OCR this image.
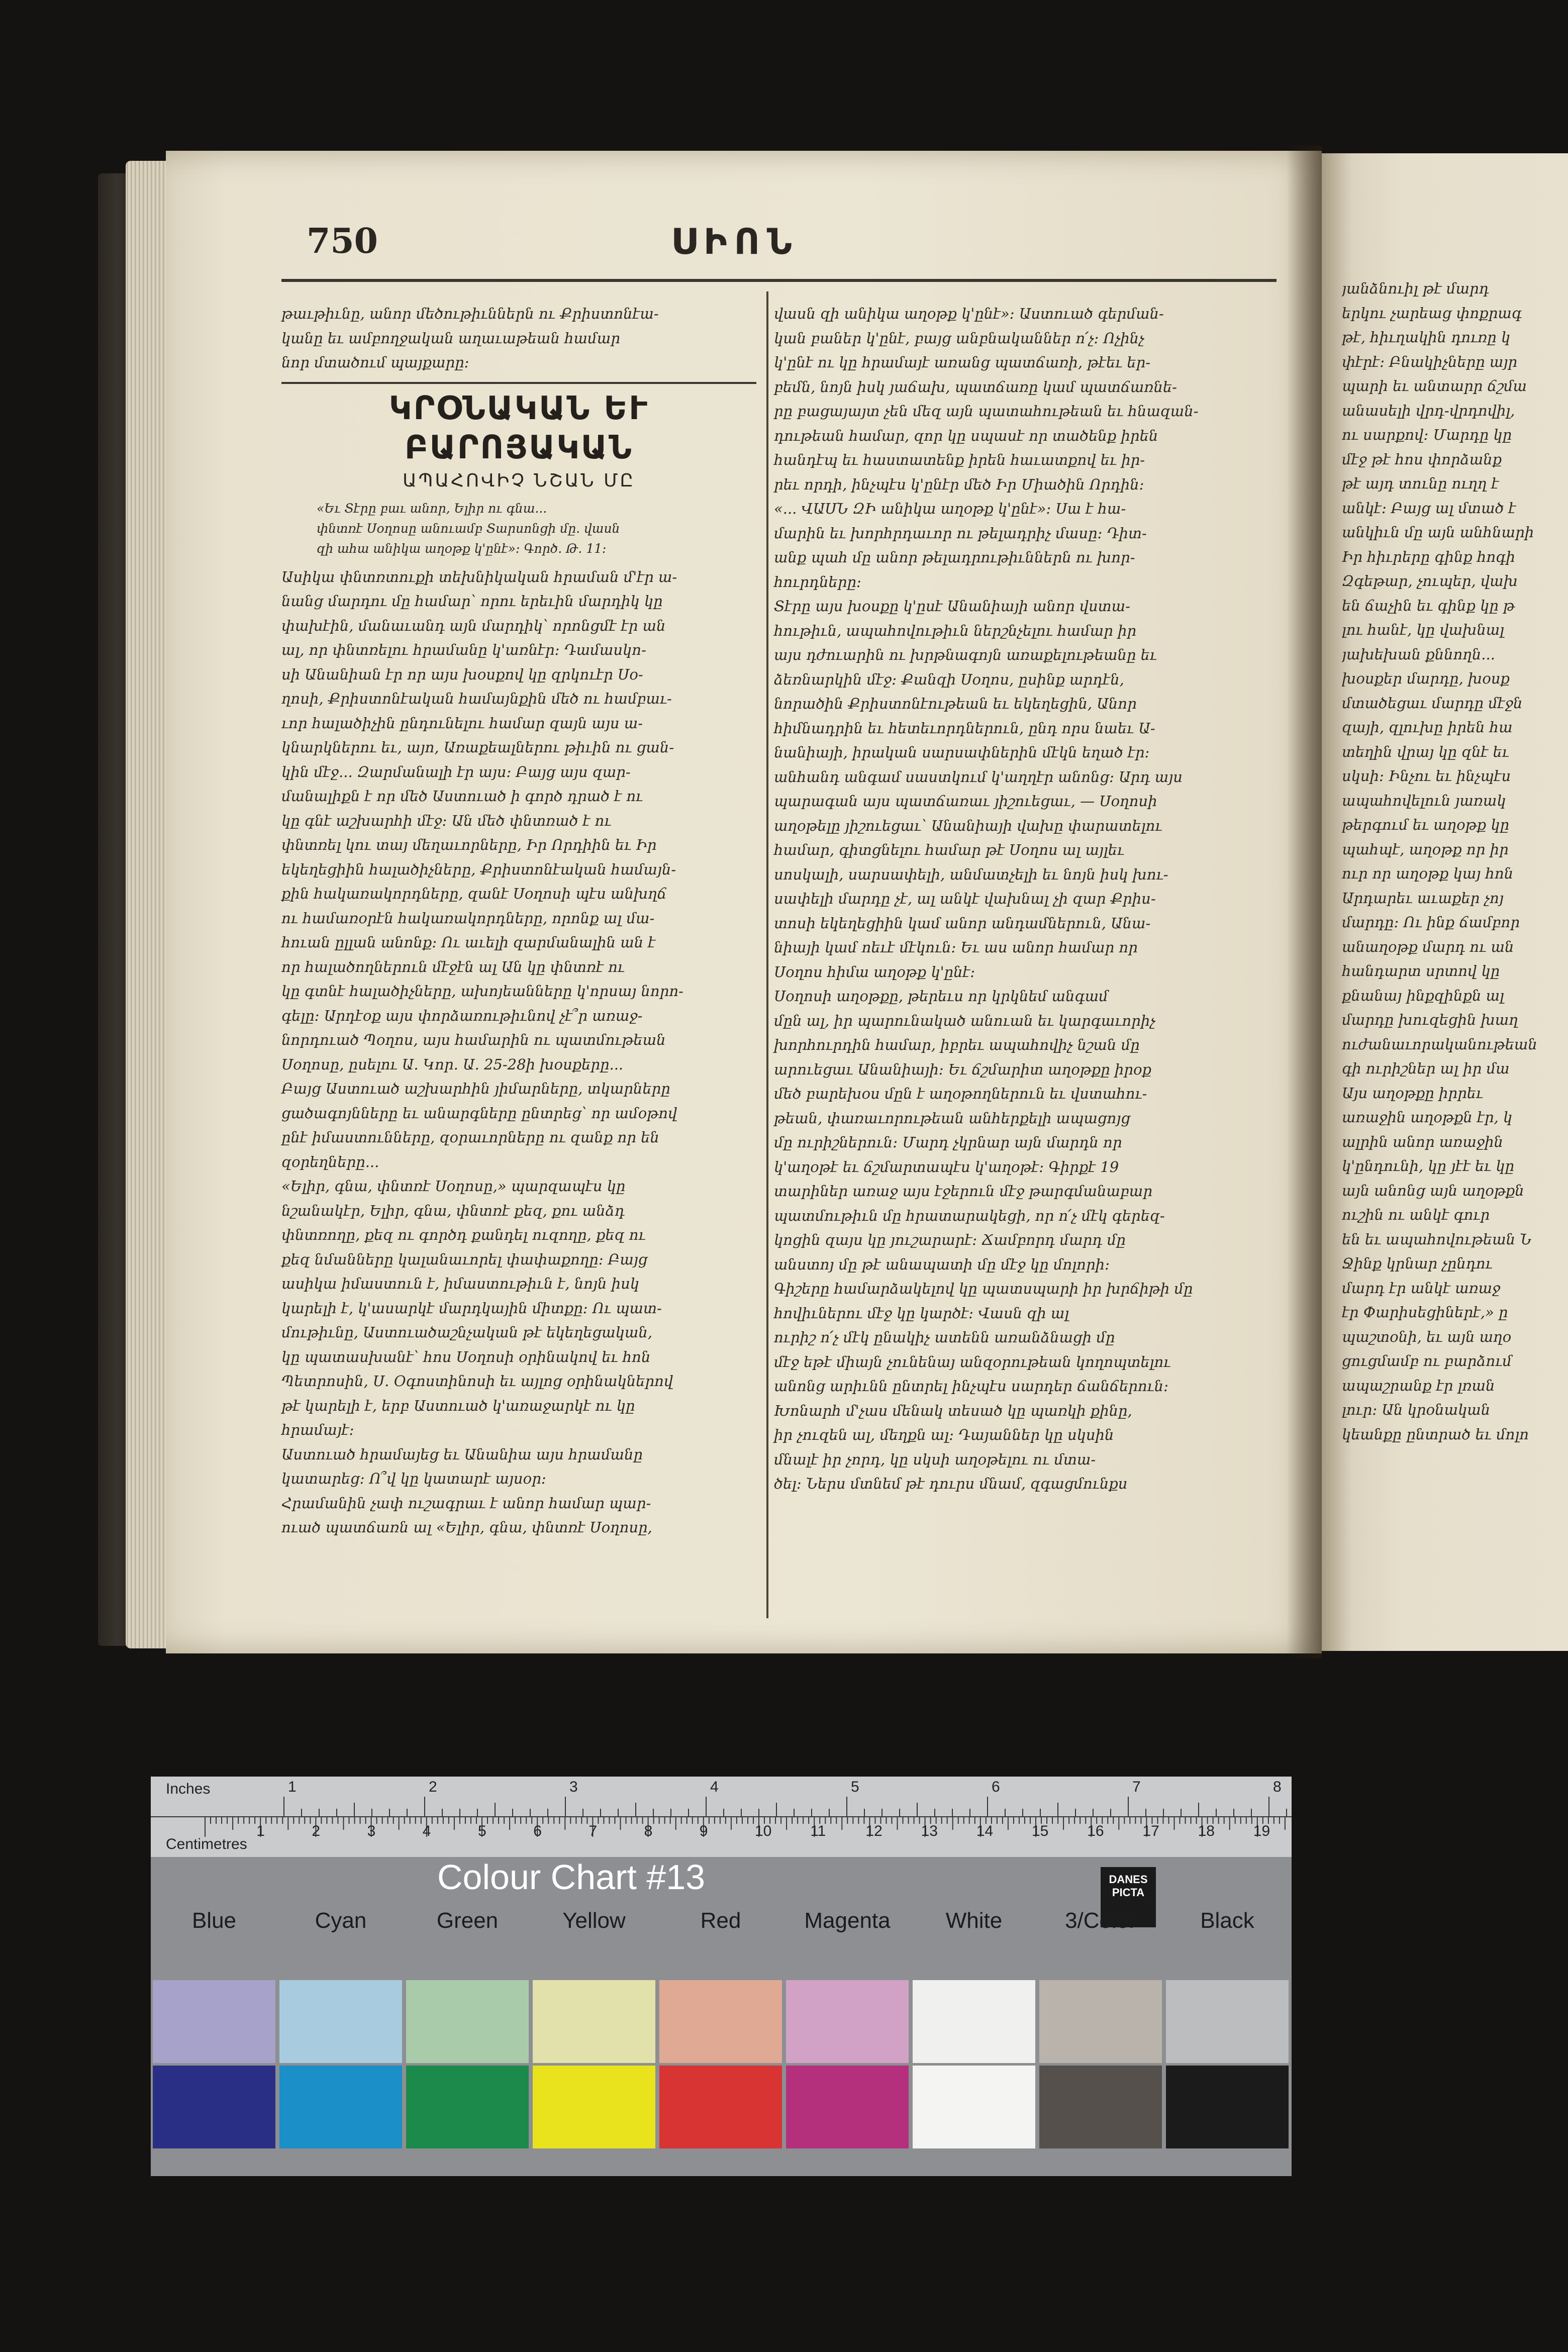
750	ՍԻՈՆ

թաւթիւնը, անոր մեծութիւններն ու Քրիստոնէա-

կանը եւ ամբողջական աղաւաթեան համար

նոր մտածում պայքարը։

ԿՐՕՆԱԿԱՆ ԵՒ ԲԱՐՈՅԱԿԱՆ
ԱՊԱՀՈՎԻՉ ՆՇԱՆ ՄԸ

«Եւ Տէրը բաւ անոր, Ելիր ու գնա...

փնտռէ Սօղոսը անուամբ Տարսոնցի մը. վասն

զի ահա անիկա աղօթք կ'ընէ»։ Գործ. Թ. 11։

Ասիկա փնտռտուքի տեխնիկական հրաման մ'էր ա-

նանց մարդու մը համար՝ որու երեւին մարդիկ կը

փախէին, մանաւանդ այն մարդիկ՝ որոնցմէ էր ան

ալ, որ փնտռելու հրամանը կ'առնէր։ Դամասկո-

սի Անանիան էր որ այս խօսքով կը զրկուէր Սօ-

ղոսի, Քրիստոնէական համայնքին մեծ ու համբաւ-

ւոր հալածիչին ընդունելու համար զայն այս ա-

կնարկներու եւ, այո, Առաքեալներու թիւին ու ցան-

կին մէջ... Զարմանալի էր այս։ Բայց այս զար-

մանալիքն է որ մեծ Աստուած ի գործ դրած է ու

կը գնէ աշխարհի մէջ։ Ան մեծ փնտռած է ու

փնտռել կու տայ մեղաւորները, Իր Որդիին եւ Իր

եկեղեցիին հալածիչները, Քրիստոնէական համայն-

քին հակառակորդները, զանէ Սօղոսի պէս անխղճ

ու համառօրէն հակառակորդները, որոնք ալ մա-

հուան ըլլան անոնք։ Ու աւելի զարմանալին ան է

որ հալածողներուն մէջէն ալ Ան կը փնտռէ ու

կը գտնէ հալածիչները, ախոյեանները կ'որսայ նորո-

գելը։ Արդէօք այս փորձառութիւնով չէ՞ր առաջ-

նորդուած Պօղոս, այս համարին ու պատմութեան

Սօղոսը, ըսելու Ա. Կոր. Ա. 25-28ի խօսքերը...

Բայց Աստուած աշխարհին յիմարները, տկարները

ցածագոյնները եւ անարգները ընտրեց՝ որ ամօթով

ընէ իմաստունները, զօրաւորները ու զանք որ են

զօրեղները...

«Ելիր, գնա, փնտռէ Սօղոսը,» պարզապէս կը

նշանակէր, Ելիր, գնա, փնտռէ քեզ, քու անձդ

փնտռողը, քեզ ու գործդ քանդել ուզողը, քեզ ու

քեզ նմանները կալանաւորել փափաքողը։ Բայց

ասիկա իմաստուն է, իմաստութիւն է, նոյն իսկ

կարելի է, կ'ասարկէ մարդկային միտքը։ Ու պատ-

մութիւնը, Աստուածաշնչական թէ եկեղեցական,

կը պատասխանէ՝ հոս Սօղոսի օրինակով եւ հոն

Պետրոսին, Ս. Օգոստինոսի եւ այլոց օրինակներով

թէ կարելի է, երբ Աստուած կ'առաջարկէ ու կը

հրամայէ։

Աստուած հրամայեց եւ Անանիա այս հրամանը

կատարեց։ Ո՞վ կը կատարէ այսօր։

Հրամանին չափ ուշագրաւ է անոր համար պար-

ուած պատճառն ալ «Ելիր, գնա, փնտռէ Սօղոսը,

վասն զի անիկա աղօթք կ'ընէ»։ Աստուած գերման-

կան բաներ կ'ընէ, բայց անբնականներ ո՛չ։ Ոչինչ

կ'ընէ ու կը հրամայէ առանց պատճառի, թէեւ եր-

բեմն, նոյն իսկ յաճախ, պատճառը կամ պատճառնե-

րը բացայայտ չեն մեզ այն պատահութեան եւ հնազան-

դութեան համար, զոր կը սպասէ որ տածենք իրեն

հանդէպ եւ հաստատենք իրեն հաւատքով եւ իր-

րեւ որդի, ինչպէս կ'ընէր մեծ Իր Միածին Որդին։

«... ՎԱՍՆ ԶԻ անիկա աղօթք կ'ընէ»։ Սա է հա-

մարին եւ խորհրդաւոր ու թելադրիչ մասը։ Դիտ-

անք պահ մը անոր թելադրութիւններն ու խոր-

հուրդները։

Տէրը այս խօսքը կ'ըսէ Անանիայի անոր վստա-

հութիւն, ապահովութիւն ներշնչելու համար իր

այս դժուարին ու խրթնագոյն առաքելութեանը եւ

ձեռնարկին մէջ։ Քանզի Սօղոս, ըսինք արդէն,

նորածին Քրիստոնէութեան եւ եկեղեցին, Անոր

հիմնադրին եւ հետեւորդներուն, ընդ որս նաեւ Ա-

նանիայի, իրական սարսափներին մէկն եղած էր։

անհանդ անգամ սաստկում կ'աղղէր անոնց։ Արդ այս

պարագան այս պատճառաւ յիշուեցաւ, — Սօղոսի

աղօթելը յիշուեցաւ՝ Անանիայի վախը փարատելու

համար, գիտցնելու համար թէ Սօղոս ալ այլեւ

սոսկալի, սարսափելի, անմատչելի եւ նոյն իսկ խու-

սափելի մարդը չէ, ալ անկէ վախնալ չի զար Քրիս-

տոսի եկեղեցիին կամ անոր անդամներուն, Անա-

նիայի կամ ոեւէ մէկուն։ Եւ աս անոր համար որ

Սօղոս հիմա աղօթք կ'ընէ։

Սօղոսի աղօթքը, թերեւս որ կրկնեմ անգամ

մըն ալ, իր պարունակած անուան եւ կարգաւորիչ

խորհուրդին համար, իբրեւ ապահովիչ նշան մը

արուեցաւ Անանիայի։ Եւ ճշմարիտ աղօթքը իրօք

մեծ բարեխօս մըն է աղօթողներուն եւ վստահու-

թեան, փառաւորութեան անհերքելի ապացոյց

մը ուրիշներուն։ Մարդ չկրնար այն մարդն որ

կ'աղօթէ եւ ճշմարտապէս կ'աղօթէ։ Գիրքէ 19

տարիներ առաջ այս էջերուն մէջ թարգմանաբար

պատմութիւն մը հրատարակեցի, որ ո՛չ մէկ գերեզ-

կոցին զայս կը յուշարարէ։ Ճամբորդ մարդ մը

անստոյ մը թէ անապատի մը մէջ կը մոլորի։

Գիշերը համարձակելով կը պատսպարի իր խրճիթի մը

հովիւներու մէջ կը կարծէ։ Վասն զի ալ

ուրիշ ո՛չ մէկ ընակիչ ատենն առանձնացի մը

մէջ եթէ միայն չունենայ անզօրութեան կողոպտելու

անոնց արիւնն ընտրել ինչպէս սարդեր ճանճերուն։

Խոնարհ մ'չաս մենակ տեսած կը պառկի քինը,

իր չուզեն ալ, մեղքն ալ։ Դայաններ կը սկսին

մնալէ իր չորդ, կը սկսի աղօթելու ու մտա-

ծել։ Ներս մտնեմ թէ դուրս մնամ, զգացմունքս

յանձնուիլ թէ մարդ

երկու չարեաց փոքրագ

թէ, հիւղակին դուռը կ

փէրէ։ Բնակիչները այր

պարի եւ անտարր ճշմա

անասելի վրդ-վրդովիլ,

ու սարքով։ Մարդը կը

մէջ թէ հոս փորձանք

թէ այդ տունը ուղղ է

անկէ։ Բայց ալ մտած է

անկիւն մը այն անհնարի

Իր հիւրերը գինք հոգի

Զգեթար, չուպեր, վախ

են ճաչին եւ գինք կը թ

լու հանէ, կը վախնալ

յախեխան քննողն...

խօսքեր մարդը, խօսք

մտածեցաւ մարդը մէջն

զայի, զլուխը իրեն հա

տեղին վրայ կը զնէ եւ

սկսի։ Ինչու եւ ինչպէս

ապահովելուն յառակ

թերգում եւ աղօթք կը

պահպէ, աղօթք որ իր

ուր որ աղօթք կայ հոն

Արդարեւ աւաքեր չոյ

մարդը։ Ու ինք ճամբոր

անաղօթք մարդ ու ան

հանդարտ սրտով կը

քնանայ ինքզինքն ալ

մարդը խուզեցին խաղ

ուժանաւորականութեան

գի ուրիշներ ալ իր մա

Այս աղօթքը իրրեւ

առաջին աղօթքն էր, կ

ալրին անոր առաջին

կ'ընդունի, կը յէէ եւ կը

այն անոնց այն աղօթքն

ուշին ու անկէ գուր

են եւ ապահովութեան Ն

Ջինք կրնար չընդու

մարդ էր անկէ առաջ

էր Փարիսեցիներէ,» ը

պաշտօնի, եւ այն աղօ

ցուցմամբ ու բարձում

ապաշրանք էր լռան

լուր։ Ան կրօնական

կեանքը ընտրած եւ մոլո

1	2	3	4	5	6	7	8
1	2	3	4	5	6	7	8	9	10	11	12	13	14	15	16	17	18	19
Inches
Centimetres
Colour Chart #13	DANES
PICTA
Blue	Cyan	Green	Yellow	Red	Magenta	White	3/Color	Black
